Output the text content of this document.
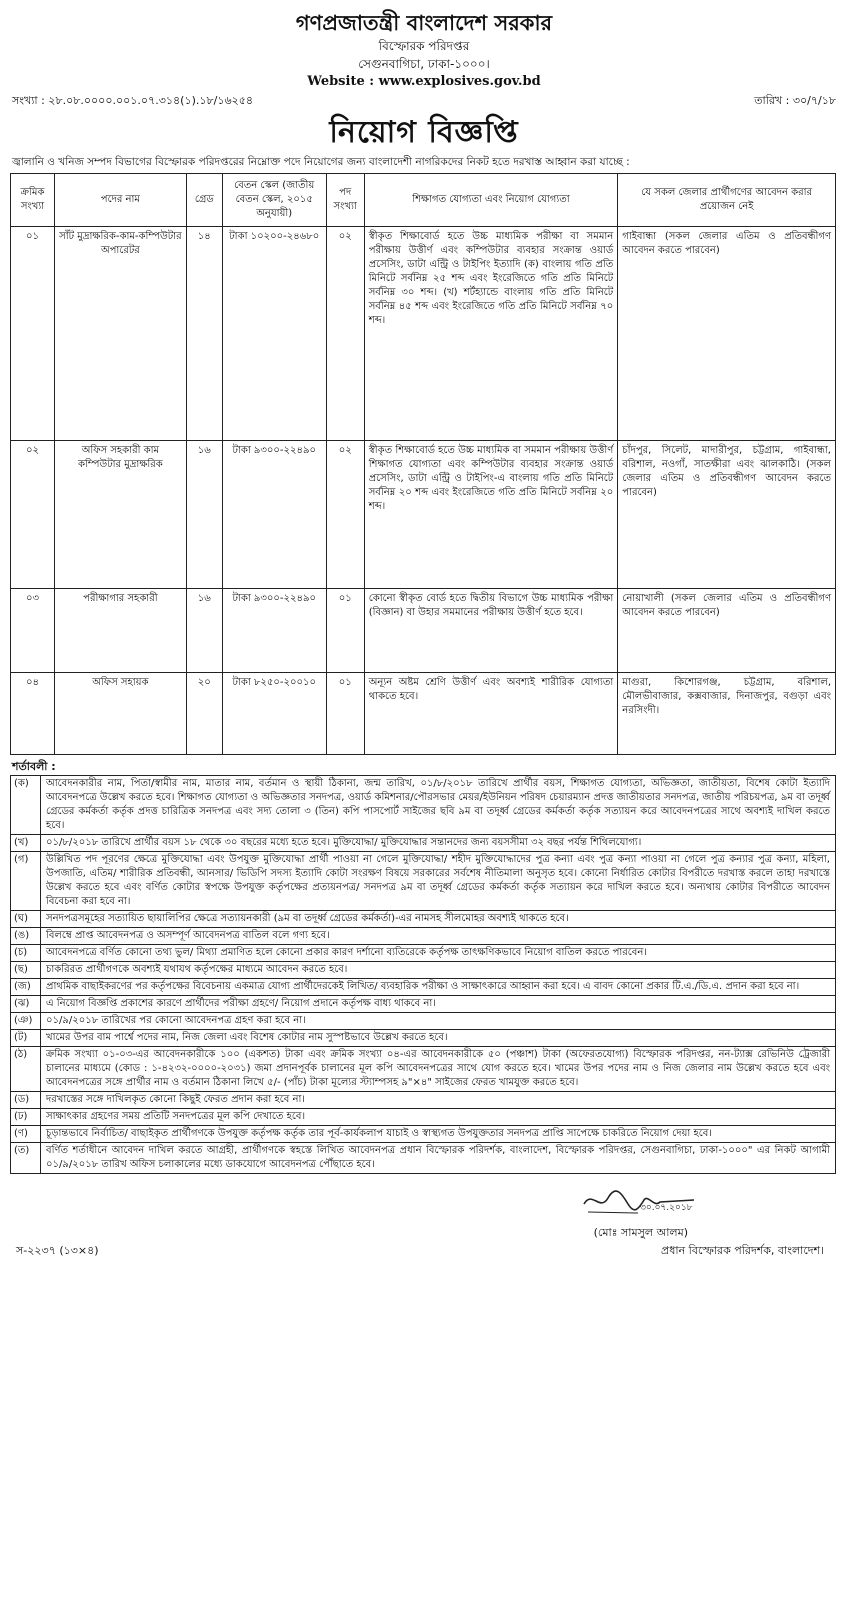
গণপ্রজাতন্ত্রী বাংলাদেশ সরকার
বিস্ফোরক পরিদপ্তর
সেগুনবাগিচা, ঢাকা-১০০০।
Website : www.explosives.gov.bd
সংখ্যা : ২৮.০৮.০০০০.০০১.০৭.৩১৪(১).১৮/১৬২৫৪	তারিখ : ৩০/৭/১৮
নিয়োগ বিজ্ঞপ্তি
জ্বালানি ও খনিজ সম্পদ বিভাগের বিস্ফোরক পরিদপ্তরের নিম্নোক্ত পদে নিয়োগের জন্য বাংলাদেশী নাগরিকদের নিকট হতে দরখাস্ত আহ্বান করা যাচ্ছে :
ক্রমিক সংখ্যা	পদের নাম	গ্রেড	বেতন স্কেল (জাতীয় বেতন স্কেল, ২০১৫ অনুযায়ী)	পদ সংখ্যা	শিক্ষাগত যোগ্যতা এবং নিয়োগ যোগ্যতা	যে সকল জেলার প্রার্থীগণের আবেদন করার প্রয়োজন নেই
০১	সাঁট মুদ্রাক্ষরিক-কাম-কম্পিউটার অপারেটর	১৪	টাকা ১০২০০-২৪৬৮০	০২	স্বীকৃত শিক্ষাবোর্ড হতে উচ্চ মাধ্যমিক পরীক্ষা বা সমমান পরীক্ষায় উত্তীর্ণ এবং কম্পিউটার ব্যবহার সংক্রান্ত ওয়ার্ড প্রসেসিং, ডাটা এন্ট্রি ও টাইপিং ইত্যাদি (ক) বাংলায় গতি প্রতি মিনিটে সর্বনিম্ন ২৫ শব্দ এবং ইংরেজিতে গতি প্রতি মিনিটে সর্বনিম্ন ৩০ শব্দ। (খ) শর্টহ্যান্ডে বাংলায় গতি প্রতি মিনিটে সর্বনিম্ন ৪৫ শব্দ এবং ইংরেজিতে গতি প্রতি মিনিটে সর্বনিম্ন ৭০ শব্দ।	গাইবান্ধা (সকল জেলার এতিম ও প্রতিবন্ধীগণ আবেদন করতে পারবেন)
০২	অফিস সহকারী কাম কম্পিউটার মুদ্রাক্ষরিক	১৬	টাকা ৯৩০০-২২৪৯০	০২	স্বীকৃত শিক্ষাবোর্ড হতে উচ্চ মাধ্যমিক বা সমমান পরীক্ষায় উত্তীর্ণ শিক্ষাগত যোগ্যতা এবং কম্পিউটার ব্যবহার সংক্রান্ত ওয়ার্ড প্রসেসিং, ডাটা এন্ট্রি ও টাইপিং-এ বাংলায় গতি প্রতি মিনিটে সর্বনিম্ন ২০ শব্দ এবং ইংরেজিতে গতি প্রতি মিনিটে সর্বনিম্ন ২০ শব্দ।	চাঁদপুর, সিলেট, মাদারীপুর, চট্টগ্রাম, গাইবান্ধা, বরিশাল, নওগাঁ, সাতক্ষীরা এবং ঝালকাঠি। (সকল জেলার এতিম ও প্রতিবন্ধীগণ আবেদন করতে পারবেন)
০৩	পরীক্ষাগার সহকারী	১৬	টাকা ৯৩০০-২২৪৯০	০১	কোনো স্বীকৃত বোর্ড হতে দ্বিতীয় বিভাগে উচ্চ মাধ্যমিক পরীক্ষা (বিজ্ঞান) বা উহার সমমানের পরীক্ষায় উত্তীর্ণ হতে হবে।	নোয়াখালী (সকল জেলার এতিম ও প্রতিবন্ধীগণ আবেদন করতে পারবেন)
০৪	অফিস সহায়ক	২০	টাকা ৮২৫০-২০০১০	০১	অন্যূন অষ্টম শ্রেণি উত্তীর্ণ এবং অবশ্যই শারীরিক যোগ্যতা থাকতে হবে।	মাগুরা, কিশোরগঞ্জ, চট্টগ্রাম, বরিশাল, মৌলভীবাজার, কক্সবাজার, দিনাজপুর, বগুড়া এবং নরসিংদী।
শর্তাবলী :
(ক)	আবেদনকারীর নাম, পিতা/স্বামীর নাম, মাতার নাম, বর্তমান ও স্থায়ী ঠিকানা, জন্ম তারিখ, ০১/৮/২০১৮ তারিখে প্রার্থীর বয়স, শিক্ষাগত যোগ্যতা, অভিজ্ঞতা, জাতীয়তা, বিশেষ কোটা ইত্যাদি আবেদনপত্রে উল্লেখ করতে হবে। শিক্ষাগত যোগ্যতা ও অভিজ্ঞতার সনদপত্র, ওয়ার্ড কমিশনার/পৌরসভার মেয়র/ইউনিয়ন পরিষদ চেয়ারম্যান প্রদত্ত জাতীয়তার সনদপত্র, জাতীয় পরিচয়পত্র, ৯ম বা তদূর্ধ্ব গ্রেডের কর্মকর্তা কর্তৃক প্রদত্ত চারিত্রিক সনদপত্র এবং সদ্য তোলা ৩ (তিন) কপি পাসপোর্ট সাইজের ছবি ৯ম বা তদূর্ধ্ব গ্রেডের কর্মকর্তা কর্তৃক সত্যায়ন করে আবেদনপত্রের সাথে অবশ্যই দাখিল করতে হবে।
(খ)	০১/৮/২০১৮ তারিখে প্রার্থীর বয়স ১৮ থেকে ৩০ বছরের মধ্যে হতে হবে। মুক্তিযোদ্ধা/ মুক্তিযোদ্ধার সন্তানদের জন্য বয়সসীমা ৩২ বছর পর্যন্ত শিথিলযোগ্য।
(গ)	উল্লিখিত পদ পূরণের ক্ষেত্রে মুক্তিযোদ্ধা এবং উপযুক্ত মুক্তিযোদ্ধা প্রার্থী পাওয়া না গেলে মুক্তিযোদ্ধা/ শহীদ মুক্তিযোদ্ধাদের পুত্র কন্যা এবং পুত্র কন্যা পাওয়া না গেলে পুত্র কন্যার পুত্র কন্যা, মহিলা, উপজাতি, এতিম/ শারীরিক প্রতিবন্ধী, আনসার/ ভিডিপি সদস্য ইত্যাদি কোটা সংরক্ষণ বিষয়ে সরকারের সর্বশেষ নীতিমালা অনুসৃত হবে। কোনো নির্ধারিত কোটার বিপরীতে দরখাস্ত করলে তাহা দরখাস্তে উল্লেখ করতে হবে এবং বর্ণিত কোটার স্বপক্ষে উপযুক্ত কর্তৃপক্ষের প্রত্যয়নপত্র/ সনদপত্র ৯ম বা তদূর্ধ্ব গ্রেডের কর্মকর্তা কর্তৃক সত্যায়ন করে দাখিল করতে হবে। অন্যথায় কোটার বিপরীতে আবেদন বিবেচনা করা হবে না।
(ঘ)	সনদপত্রসমূহের সত্যায়িত ছায়ালিপির ক্ষেত্রে সত্যায়নকারী (৯ম বা তদূর্ধ্ব গ্রেডের কর্মকর্তা)-এর নামসহ সীলমোহর অবশ্যই থাকতে হবে।
(ঙ)	বিলম্বে প্রাপ্ত আবেদনপত্র ও অসম্পূর্ণ আবেদনপত্র বাতিল বলে গণ্য হবে।
(চ)	আবেদনপত্রে বর্ণিত কোনো তথ্য ভুল/ মিথ্যা প্রমাণিত হলে কোনো প্রকার কারণ দর্শানো ব্যতিরেকে কর্তৃপক্ষ তাৎক্ষণিকভাবে নিয়োগ বাতিল করতে পারবেন।
(ছ)	চাকরিরত প্রার্থীগণকে অবশ্যই যথাযথ কর্তৃপক্ষের মাধ্যমে আবেদন করতে হবে।
(জ)	প্রাথমিক বাছাইকরণের পর কর্তৃপক্ষের বিবেচনায় একমাত্র যোগ্য প্রার্থীদেরকেই লিখিত/ ব্যবহারিক পরীক্ষা ও সাক্ষাৎকারে আহ্বান করা হবে। এ বাবদ কোনো প্রকার টি.এ./ডি.এ. প্রদান করা হবে না।
(ঝ)	এ নিয়োগ বিজ্ঞপ্তি প্রকাশের কারণে প্রার্থীদের পরীক্ষা গ্রহণে/ নিয়োগ প্রদানে কর্তৃপক্ষ বাধ্য থাকবে না।
(ঞ)	০১/৯/২০১৮ তারিখের পর কোনো আবেদনপত্র গ্রহণ করা হবে না।
(ট)	খামের উপর বাম পার্শ্বে পদের নাম, নিজ জেলা এবং বিশেষ কোটার নাম সুস্পষ্টভাবে উল্লেখ করতে হবে।
(ঠ)	ক্রমিক সংখ্যা ০১-০৩-এর আবেদনকারীকে ১০০ (একশত) টাকা এবং ক্রমিক সংখ্যা ০৪-এর আবেদনকারীকে ৫০ (পঞ্চাশ) টাকা (অফেরতযোগ্য) বিস্ফোরক পরিদপ্তর, নন-ট্যাক্স রেভিনিউ ট্রেজারী চালানের মাধ্যমে (কোড : ১-৪২৩২-০০০০-২০৩১) জমা প্রদানপূর্বক চালানের মূল কপি আবেদনপত্রের সাথে যোগ করতে হবে। খামের উপর পদের নাম ও নিজ জেলার নাম উল্লেখ করতে হবে এবং আবেদনপত্রের সঙ্গে প্রার্থীর নাম ও বর্তমান ঠিকানা লিখে ৫/- (পাঁচ) টাকা মূল্যের স্ট্যাম্পসহ ৯"×৪" সাইজের ফেরত খামযুক্ত করতে হবে।
(ড)	দরখাস্তের সঙ্গে দাখিলকৃত কোনো কিছুই ফেরত প্রদান করা হবে না।
(ঢ)	সাক্ষাৎকার গ্রহণের সময় প্রতিটি সনদপত্রের মূল কপি দেখাতে হবে।
(ণ)	চূড়ান্তভাবে নির্বাচিত/ বাছাইকৃত প্রার্থীগণকে উপযুক্ত কর্তৃপক্ষ কর্তৃক তার পূর্ব-কার্যকলাপ যাচাই ও স্বাস্থ্যগত উপযুক্ততার সনদপত্র প্রাপ্তি সাপেক্ষে চাকরিতে নিয়োগ দেয়া হবে।
(ত)	বর্ণিত শর্তাধীনে আবেদন দাখিল করতে আগ্রহী, প্রার্থীগণকে স্বহস্তে লিখিত আবেদনপত্র প্রধান বিস্ফোরক পরিদর্শক, বাংলাদেশ, বিস্ফোরক পরিদপ্তর, সেগুনবাগিচা, ঢাকা-১০০০" এর নিকট আগামী ০১/৯/২০১৮ তারিখ অফিস চলাকালের মধ্যে ডাকযোগে আবেদনপত্র পৌঁছাতে হবে।
৩০.০৭.২০১৮
(মোঃ সামসুল আলম)
প্রধান বিস্ফোরক পরিদর্শক, বাংলাদেশ।
স-২২৩৭ (১৩×৪)
